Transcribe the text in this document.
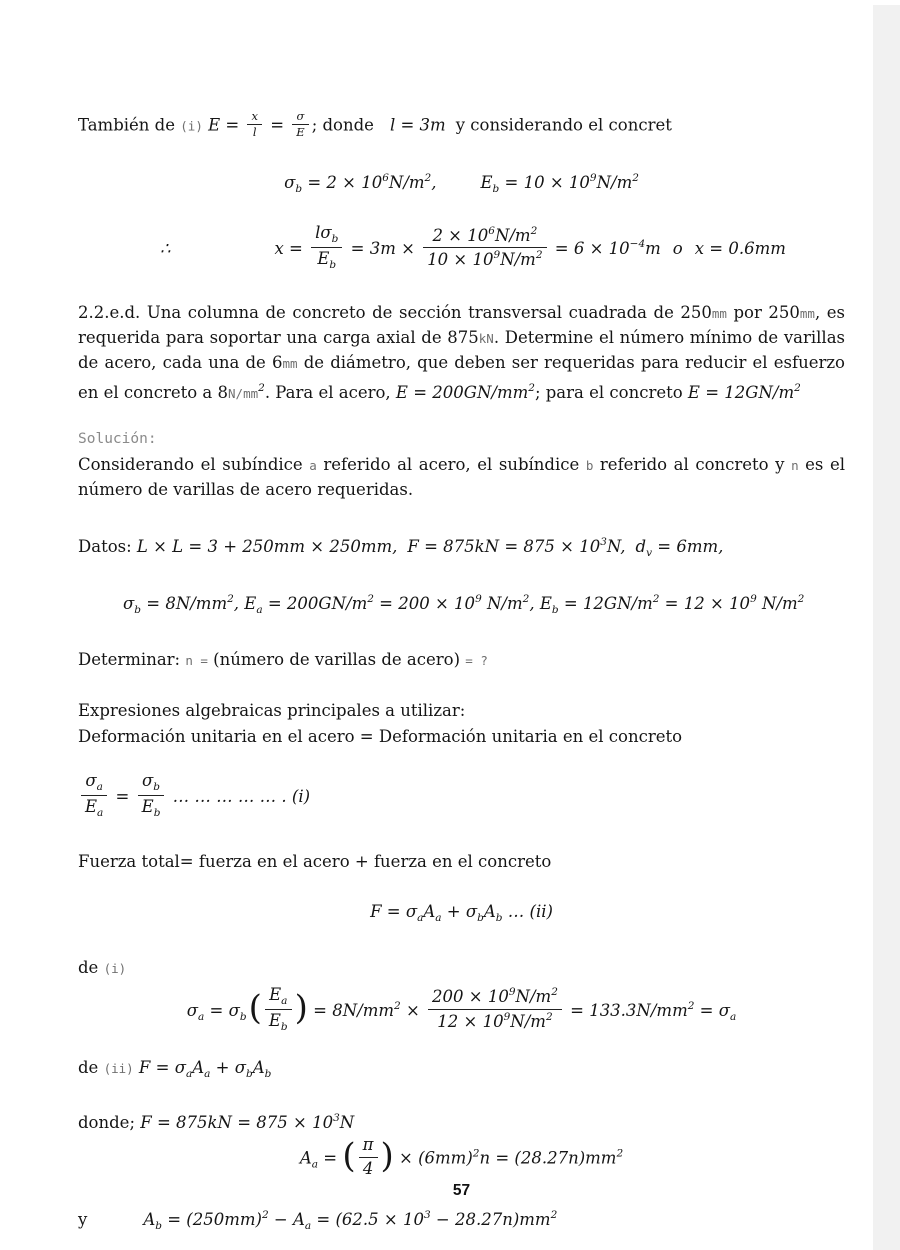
También de (i) $E = \frac{x}{l} = \frac{\sigma}{E}$ ; donde l = 3m y considerando el concret
$\sigma_b = 2 \times 10^6N/m^2$,	$E_b = 10 \times 10^9N/m^2$
∴	$x = \frac{l\sigma_b}{E_b} = 3m \times \frac{2 \times 10^6N/m^2}{10 \times 10^9N/m^2} = 6 \times 10^{-4}m$ o x = 0.6mm
2.2.e.d. Una columna de concreto de sección transversal cuadrada de 250mm por 250mm, es requerida para soportar una carga axial de 875kN. Determine el número mínimo de varillas de acero, cada una de 6mm de diámetro, que deben ser requeridas para reducir el esfuerzo en el concreto a $8N/mm^2$. Para el acero, $E = 200GN/mm^2$; para el concreto $E = 12GN/m^2$
Solución:
Considerando el subíndice a referido al acero, el subíndice b referido al concreto y n es el número de varillas de acero requeridas.
Datos: L × L = 3 + 250mm × 250mm, $F = 875kN = 875 \times 10^3N$, $d_v = 6mm$,
$\sigma_b = 8N/mm^2$, $E_a = 200GN/m^2 = 200 \times 10^9$ $N/m^2$, $E_b = 12GN/m^2 = 12 \times 10^9$ $N/m^2$
Determinar: n = (número de varillas de acero) = ?
Expresiones algebraicas principales a utilizar:
Deformación unitaria en el acero = Deformación unitaria en el concreto
$\frac{\sigma_a}{E_a} = \frac{\sigma_b}{E_b}$ … … … … … . (i)
Fuerza total= fuerza en el acero + fuerza en el concreto
$F = \sigma_aA_a + \sigma_bA_b$ … (ii)
de (i)
$\sigma_a = \sigma_b( \frac{E_a}{E_b}$ ) = $8N/mm^2 \times \frac{200 \times 10^9N/m^2}{12 \times 10^9N/m^2} = 133.3N/mm^2 = \sigma_a$
de (ii) $F = \sigma_aA_a + \sigma_bA_b$
donde; $F = 875kN = 875 \times 10^3N$
$A_a$ = ( $\frac{\pi}{4}$ ) × $(6mm)^2n = (28.27n)mm^2$
y	$A_b = (250mm)^2 - A_a = (62.5 \times 10^3 - 28.27n)mm^2$
57
